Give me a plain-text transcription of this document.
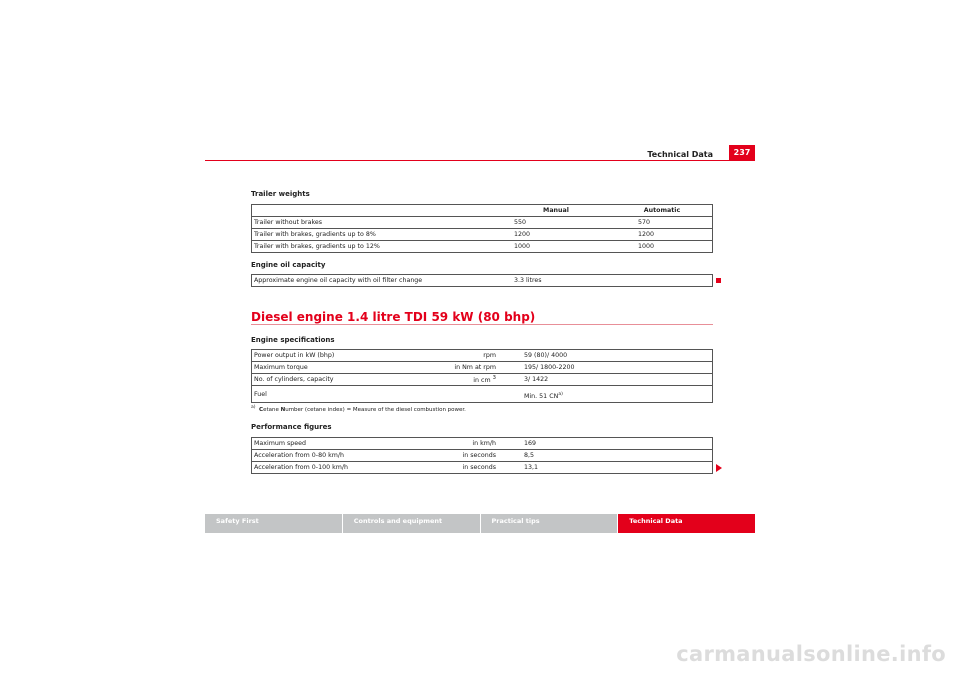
Technical Data	237
Trailer weights
	Manual	Automatic
Trailer without brakes	550	570
Trailer with brakes, gradients up to 8%	1200	1200
Trailer with brakes, gradients up to 12%	1000	1000
Engine oil capacity
Approximate engine oil capacity with oil filter change	3.3 litres
Diesel engine 1.4 litre TDI 59 kW (80 bhp)
Engine specifications
Power output in kW (bhp)	rpm	59 (80)/ 4000
Maximum torque	in Nm at rpm	195/ 1800-2200
No. of cylinders, capacity	in cm $^3$	3/ 1422
Fuel		Min. 51 CN$^{a)}$
$^{a)}$ Cetane Number (cetane index) = Measure of the diesel combustion power.
Performance figures
Maximum speed	in km/h	169
Acceleration from 0-80 km/h	in seconds	8,5
Acceleration from 0-100 km/h	in seconds	13,1
Safety First	Controls and equipment	Practical tips	Technical Data
carmanualsonline.info
